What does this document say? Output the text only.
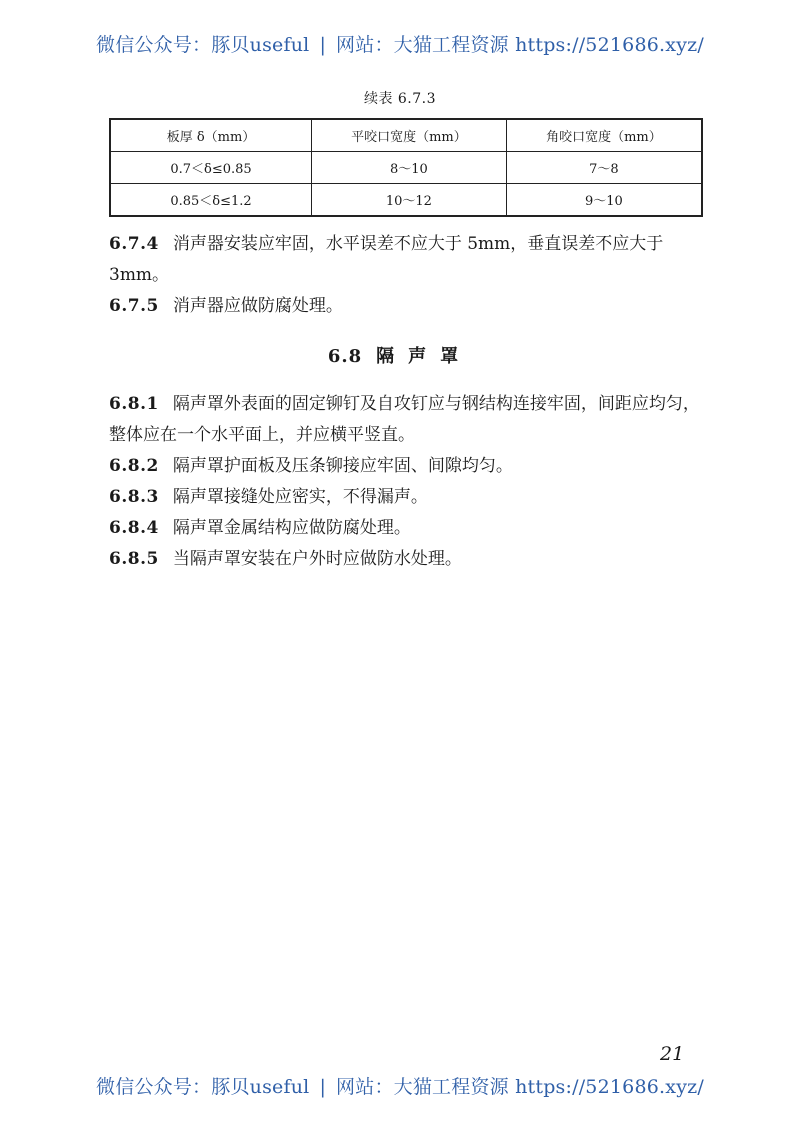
微信公众号：豚贝useful | 网站：大猫工程资源 https://521686.xyz/
续表 6.7.3
板厚 δ（mm）	平咬口宽度（mm）	角咬口宽度（mm）
0.7＜δ≤0.85	8～10	7～8
0.85＜δ≤1.2	10～12	9～10

6.7.4 消声器安装应牢固，水平误差不应大于 5mm，垂直误差不应大于 3mm。

6.7.5 消声器应做防腐处理。

6.8 隔声罩

6.8.1 隔声罩外表面的固定铆钉及自攻钉应与钢结构连接牢固，间距应均匀，整体应在一个水平面上，并应横平竖直。

6.8.2 隔声罩护面板及压条铆接应牢固、间隙均匀。

6.8.3 隔声罩接缝处应密实，不得漏声。

6.8.4 隔声罩金属结构应做防腐处理。

6.8.5 当隔声罩安装在户外时应做防水处理。

21
微信公众号：豚贝useful | 网站：大猫工程资源 https://521686.xyz/
